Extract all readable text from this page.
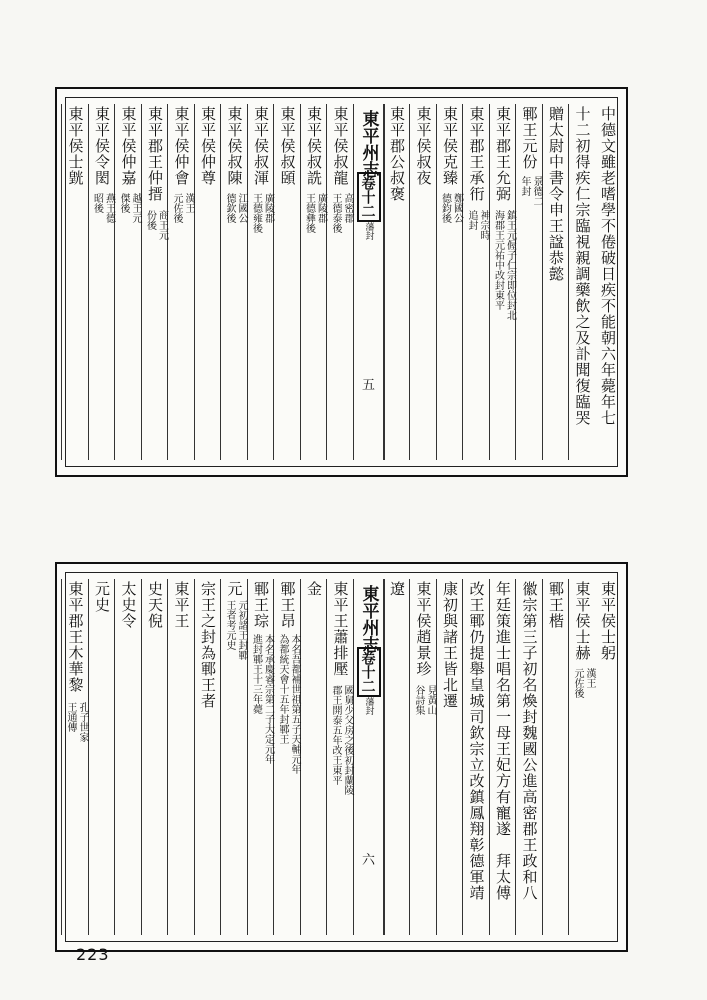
中德文雖老嗜學不倦破日疾不能朝六年薨年七
十二初得疾仁宗臨視親調藥飲之及訃聞復臨哭
贈太尉中書令申王諡恭懿
鄆王元份
景德二
年封
東平郡王允弼
鎮王元偓子仁宗即位封北
海郡王元祐中改封東平
東平郡王承衎
神宗時
追封
東平侯克臻
鄭國公
德鈞後
東平侯叔夜
東平郡公叔褒
東平州志
卷十二
藩封
五
東平侯叔龍
高密郡
王德泰後
東平侯叔詵
廣陵郡
王德彝後
東平侯叔頣
東平侯叔渾
廣陵郡
王德雍後
東平侯叔陳
江國公
德欽後
東平侯仲尊
東平侯仲會
漢王
元佐後
東平郡王仲搢
商王元
份後
東平侯仲嘉
越王元
傑後
東平侯令閎
燕王德
昭後
東平侯士皝
東平侯士躬
東平侯士赫
漢王
元佐後
鄆王楷
徽宗第三子初名煥封魏國公進高密郡王政和八
年廷策進士唱名第一母王妃方有寵遂　拜太傅
改王鄆仍提舉皇城司欽宗立改鎮鳳翔彰德軍靖
康初與諸王皆北遷
東平侯趙景珍
見黃山
谷詩集
遼
東平州志
卷十二
藩封
六
東平王蕭排壓
國舅少父房之後初封蘭陵
郡王開泰五年改王東平
金
鄆王昂
本名吾都補世祖第五子天輔元年
為都統天會十五年封鄆王
鄆王琮
本名承慶睿宗第二子大定元年
進封鄆王十三年薨
元
元初諸王封鄆
王者考元史
宗王之封為鄆王者
東平王
史天倪
太史令
元史
東平郡王木華黎
孔子世家
王通傳
223
